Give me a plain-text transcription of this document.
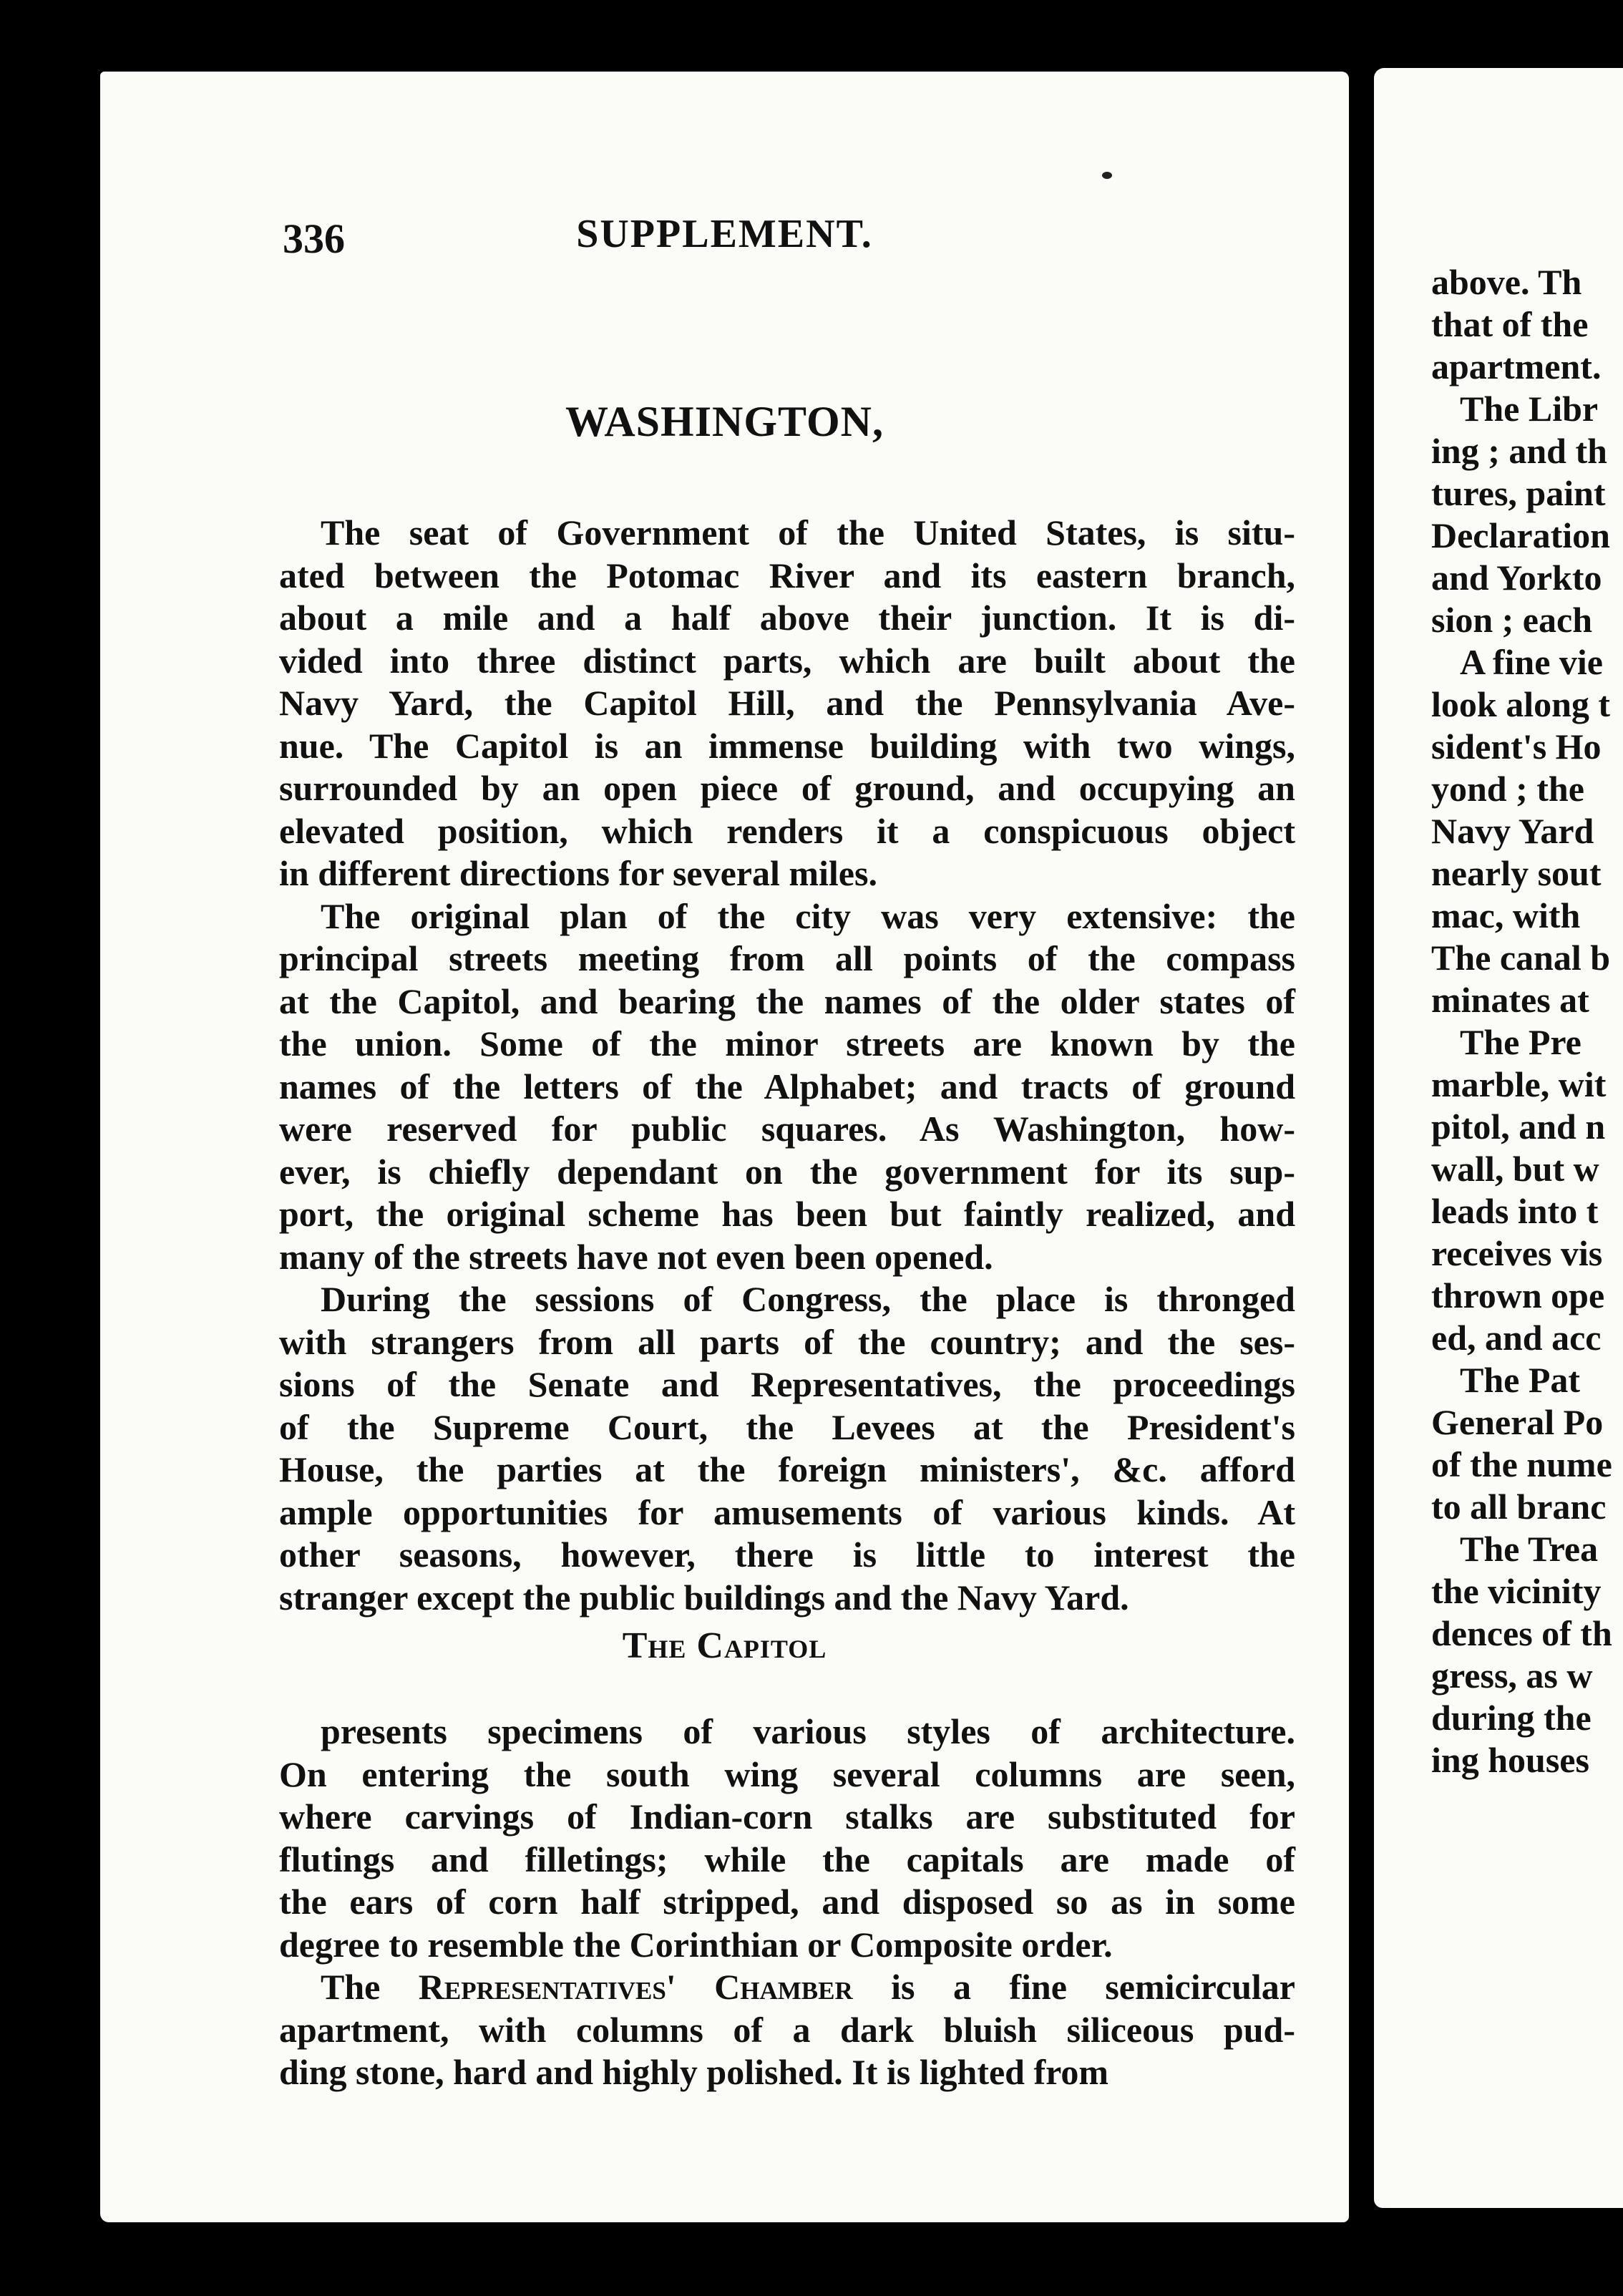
336	SUPPLEMENT.
WASHINGTON,
The seat of Government of the United States, is situ-
ated between the Potomac River and its eastern branch,
about a mile and a half above their junction. It is di-
vided into three distinct parts, which are built about the
Navy Yard, the Capitol Hill, and the Pennsylvania Ave-
nue. The Capitol is an immense building with two wings,
surrounded by an open piece of ground, and occupying an
elevated position, which renders it a conspicuous object
in different directions for several miles.
The original plan of the city was very extensive: the
principal streets meeting from all points of the compass
at the Capitol, and bearing the names of the older states of
the union. Some of the minor streets are known by the
names of the letters of the Alphabet; and tracts of ground
were reserved for public squares. As Washington, how-
ever, is chiefly dependant on the government for its sup-
port, the original scheme has been but faintly realized, and
many of the streets have not even been opened.
During the sessions of Congress, the place is thronged
with strangers from all parts of the country; and the ses-
sions of the Senate and Representatives, the proceedings
of the Supreme Court, the Levees at the President's
House, the parties at the foreign ministers', &c. afford
ample opportunities for amusements of various kinds. At
other seasons, however, there is little to interest the
stranger except the public buildings and the Navy Yard.
The Capitol
presents specimens of various styles of architecture.
On entering the south wing several columns are seen,
where carvings of Indian-corn stalks are substituted for
flutings and filletings; while the capitals are made of
the ears of corn half stripped, and disposed so as in some
degree to resemble the Corinthian or Composite order.
The Representatives' Chamber is a fine semicircular
apartment, with columns of a dark bluish siliceous pud-
ding stone, hard and highly polished. It is lighted from
above. Th
that of the
apartment.
The Libr
ing ; and th
tures, paint
Declaration
and Yorkto
sion ; each
A fine vie
look along t
sident's Ho
yond ; the
Navy Yard
nearly sout
mac, with
The canal b
minates at
The Pre
marble, wit
pitol, and n
wall, but w
leads into t
receives vis
thrown ope
ed, and acc
The Pat
General Po
of the nume
to all branc
The Trea
the vicinity
dences of th
gress, as w
during the
ing houses
